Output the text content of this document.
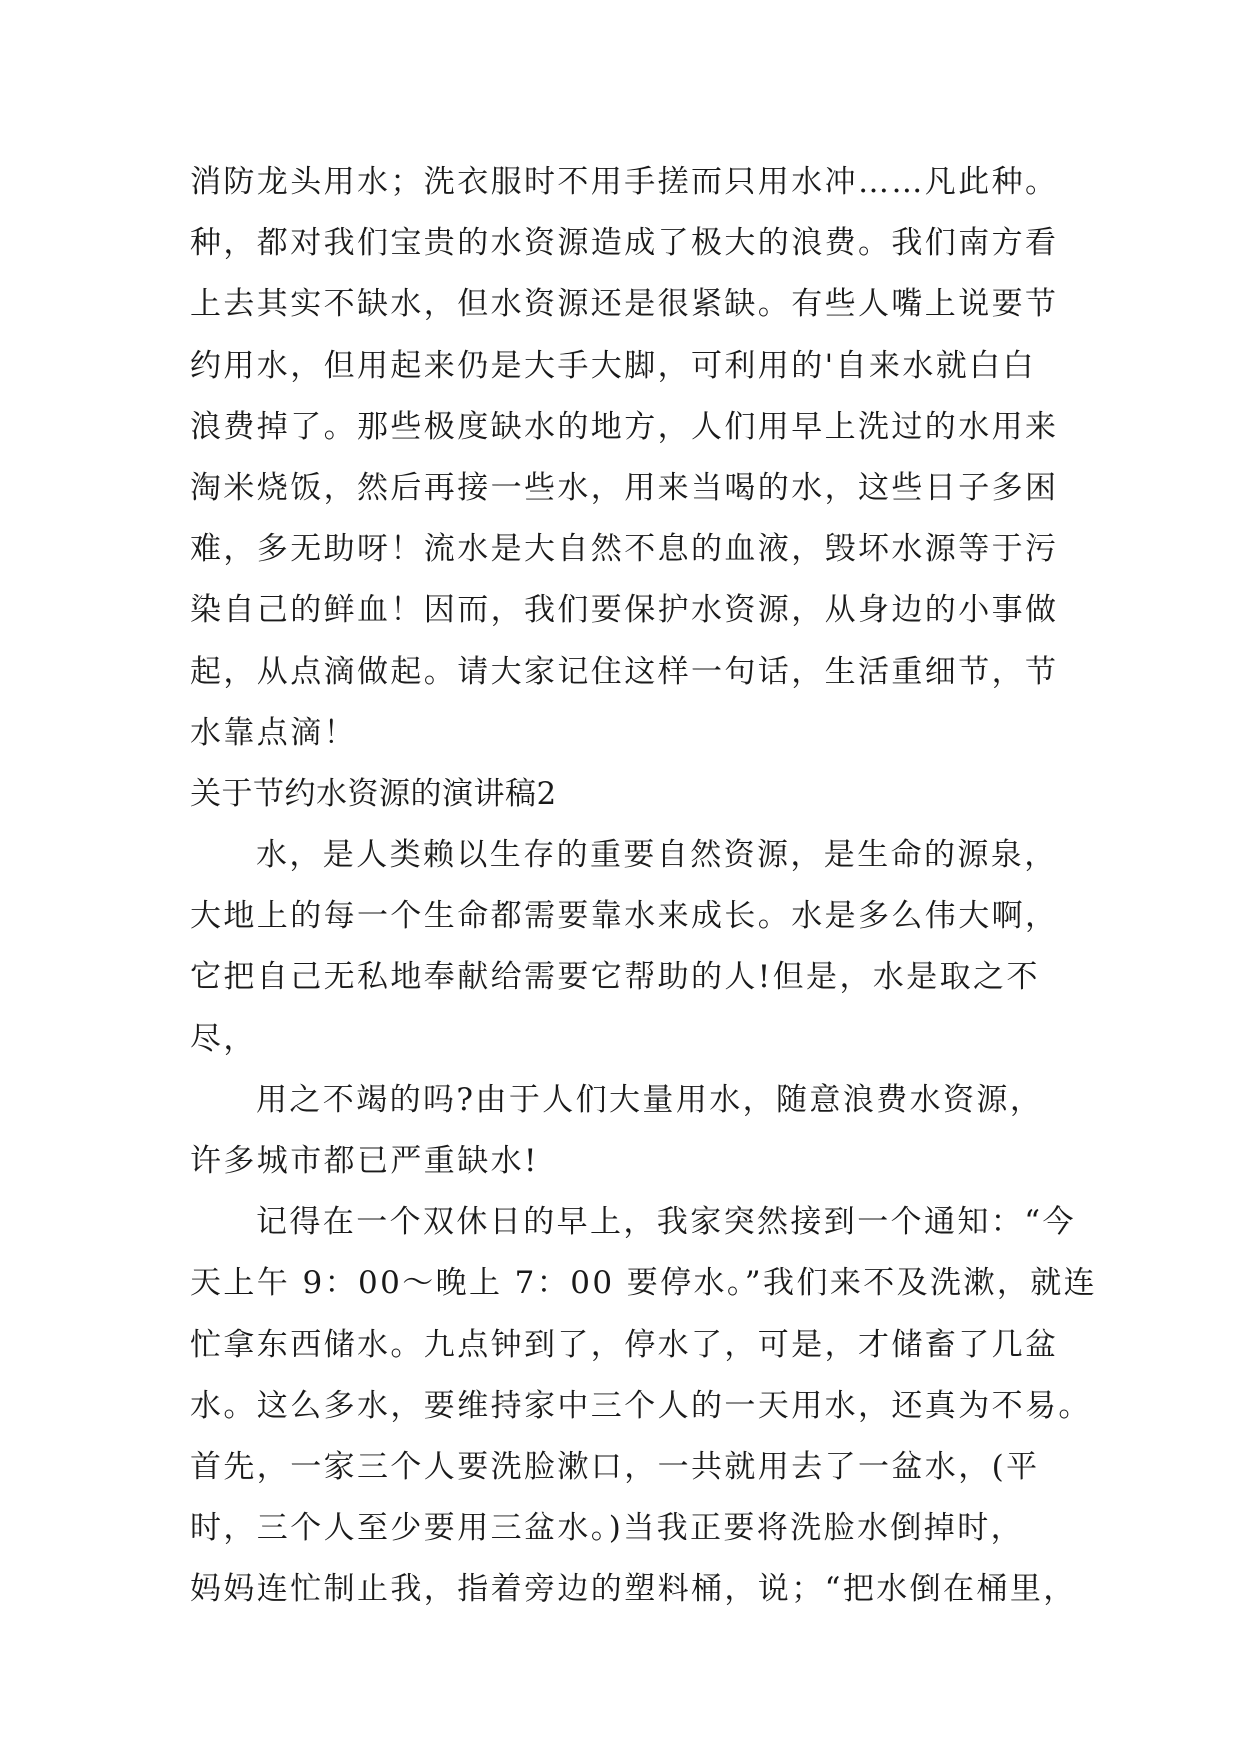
消防龙头用水；洗衣服时不用手搓而只用水冲……凡此种。
种，都对我们宝贵的水资源造成了极大的浪费。我们南方看
上去其实不缺水，但水资源还是很紧缺。有些人嘴上说要节
约用水，但用起来仍是大手大脚，可利用的'自来水就白白
浪费掉了。那些极度缺水的地方，人们用早上洗过的水用来
淘米烧饭，然后再接一些水，用来当喝的水，这些日子多困
难，多无助呀！流水是大自然不息的血液，毁坏水源等于污
染自己的鲜血！因而，我们要保护水资源，从身边的小事做
起，从点滴做起。请大家记住这样一句话，生活重细节，节
水靠点滴！
关于节约水资源的演讲稿2
水，是人类赖以生存的重要自然资源，是生命的源泉，
大地上的每一个生命都需要靠水来成长。水是多么伟大啊，
它把自己无私地奉献给需要它帮助的人!但是，水是取之不
尽，
用之不竭的吗?由于人们大量用水，随意浪费水资源，
许多城市都已严重缺水!
记得在一个双休日的早上，我家突然接到一个通知：“今
天上午 9：00～晚上 7：00 要停水。”我们来不及洗漱，就连
忙拿东西储水。九点钟到了，停水了，可是，才储畜了几盆
水。这么多水，要维持家中三个人的一天用水，还真为不易。
首先，一家三个人要洗脸漱口，一共就用去了一盆水，(平
时，三个人至少要用三盆水。)当我正要将洗脸水倒掉时，
妈妈连忙制止我，指着旁边的塑料桶，说；“把水倒在桶里，
